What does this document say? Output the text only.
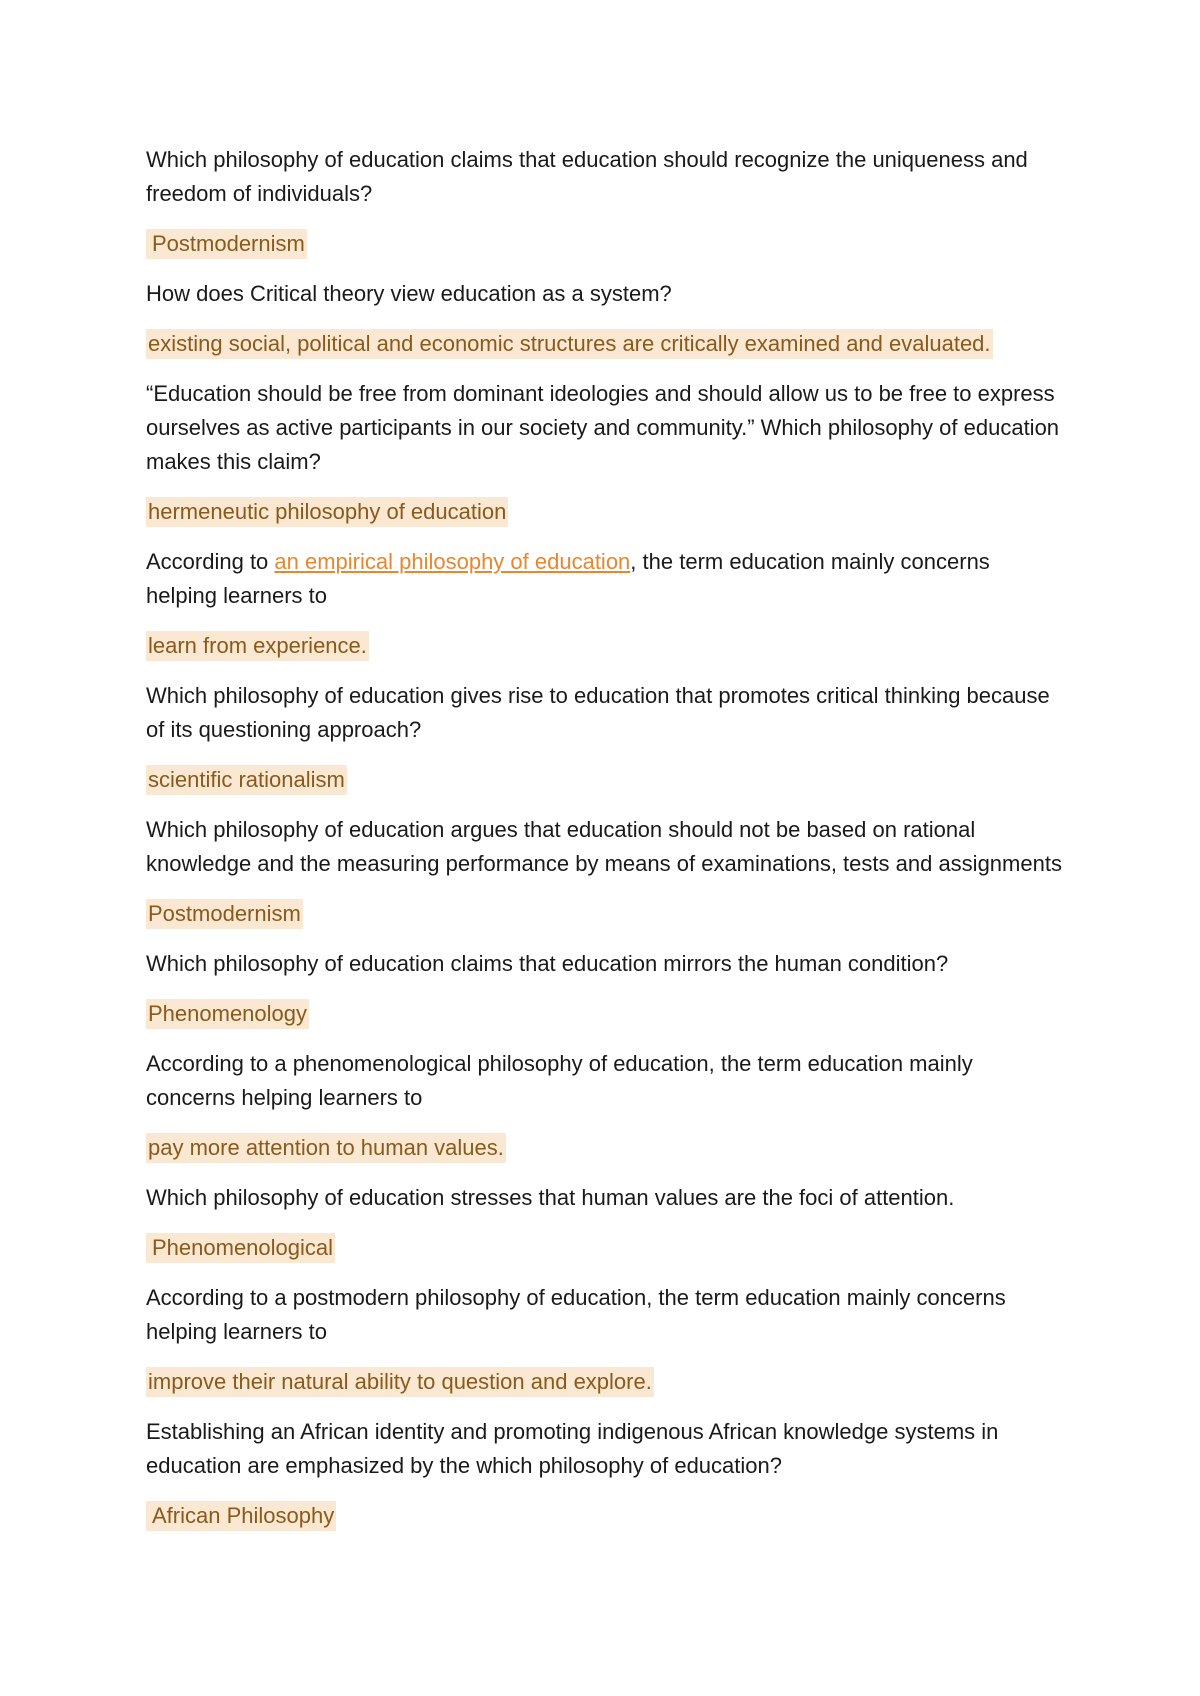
Which philosophy of education claims that education should recognize the uniqueness and freedom of individuals?

Postmodernism

How does Critical theory view education as a system?

existing social, political and economic structures are critically examined and evaluated.

“Education should be free from dominant ideologies and should allow us to be free to express ourselves as active participants in our society and community.” Which philosophy of education makes this claim?

hermeneutic philosophy of education

According to an empirical philosophy of education, the term education mainly concerns helping learners to

learn from experience.

Which philosophy of education gives rise to education that promotes critical thinking because of its questioning approach?

scientific rationalism

Which philosophy of education argues that education should not be based on rational knowledge and the measuring performance by means of examinations, tests and assignments

Postmodernism

Which philosophy of education claims that education mirrors the human condition?

Phenomenology

According to a phenomenological philosophy of education, the term education mainly concerns helping learners to

pay more attention to human values.

Which philosophy of education stresses that human values are the foci of attention.

Phenomenological

According to a postmodern philosophy of education, the term education mainly concerns helping learners to

improve their natural ability to question and explore.

Establishing an African identity and promoting indigenous African knowledge systems in education are emphasized by the which philosophy of education?

African Philosophy
